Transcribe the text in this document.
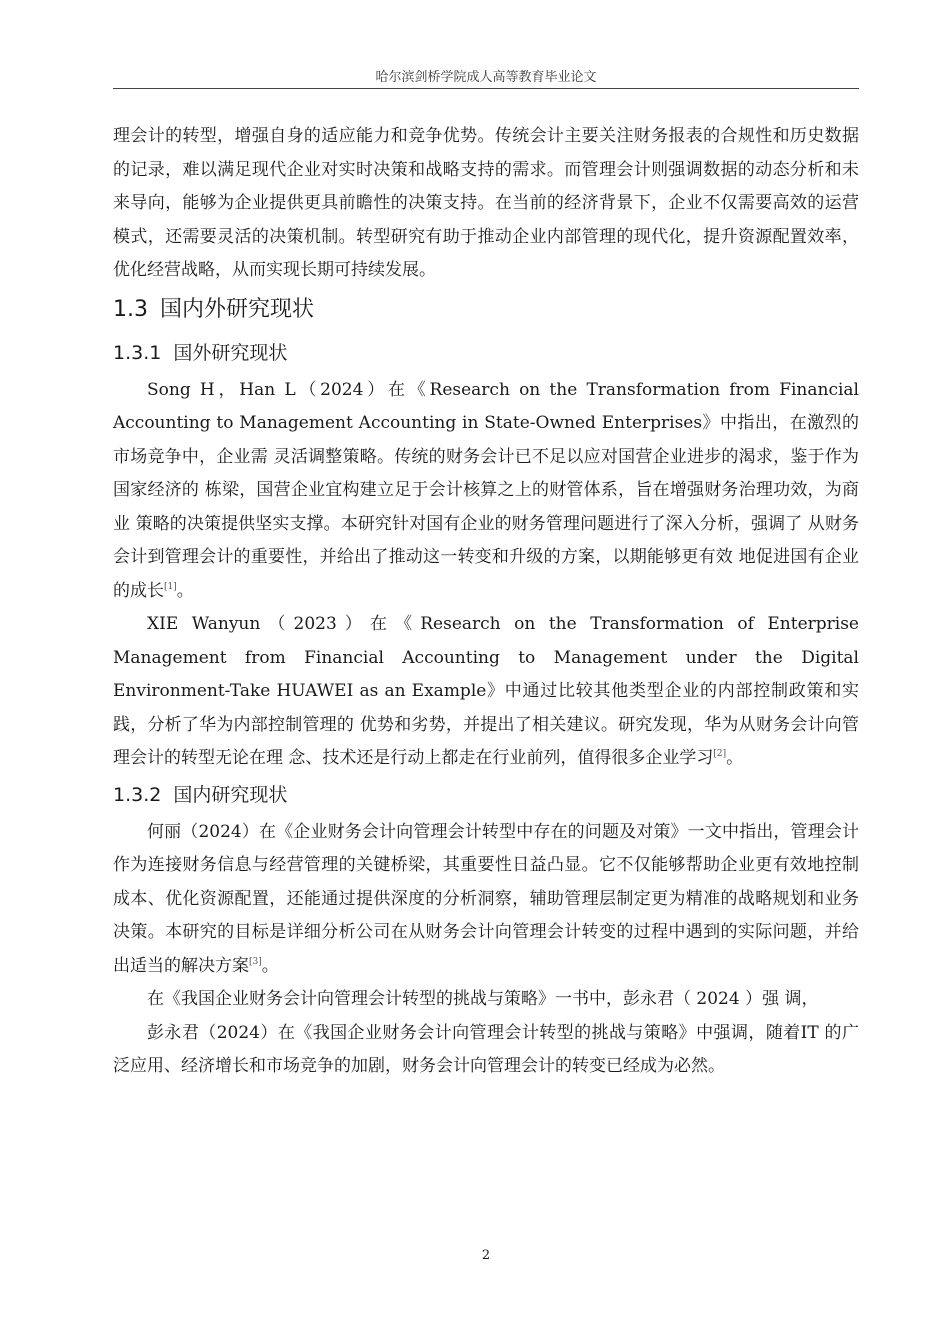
哈尔滨剑桥学院成人高等教育毕业论文

理会计的转型，增强自身的适应能力和竞争优势。传统会计主要关注财务报表的合规性和历史数据的记录，难以满足现代企业对实时决策和战略支持的需求。而管理会计则强调数据的动态分析和未来导向，能够为企业提供更具前瞻性的决策支持。在当前的经济背景下，企业不仅需要高效的运营模式，还需要灵活的决策机制。转型研究有助于推动企业内部管理的现代化，提升资源配置效率，优化经营战略，从而实现长期可持续发展。

1.3 国内外研究现状
1.3.1 国外研究现状

Song H，Han L（2024）在《Research on the Transformation from Financial Accounting to Management Accounting in State-Owned Enterprises》中指出，在激烈的市场竞争中，企业需 灵活调整策略。传统的财务会计已不足以应对国营企业进步的渴求，鉴于作为国家经济的 栋梁，国营企业宜构建立足于会计核算之上的财管体系，旨在增强财务治理功效，为商业 策略的决策提供坚实支撑。本研究针对国有企业的财务管理问题进行了深入分析，强调了 从财务会计到管理会计的重要性，并给出了推动这一转变和升级的方案，以期能够更有效 地促进国有企业的成长[1]。

XIE Wanyun（2023）在《Research on the Transformation of Enterprise Management from Financial Accounting to Management under the Digital Environment-Take HUAWEI as an Example》中通过比较其他类型企业的内部控制政策和实践，分析了华为内部控制管理的 优势和劣势，并提出了相关建议。研究发现，华为从财务会计向管理会计的转型无论在理 念、技术还是行动上都走在行业前列，值得很多企业学习[2]。

1.3.2 国内研究现状

何丽（2024）在《企业财务会计向管理会计转型中存在的问题及对策》一文中指出，管理会计作为连接财务信息与经营管理的关键桥梁，其重要性日益凸显。它不仅能够帮助企业更有效地控制成本、优化资源配置，还能通过提供深度的分析洞察，辅助管理层制定更为精准的战略规划和业务决策。本研究的目标是详细分析公司在从财务会计向管理会计转变的过程中遇到的实际问题，并给出适当的解决方案[3]。

在《我国企业财务会计向管理会计转型的挑战与策略》一书中，彭永君（ 2024 ）强 调，

彭永君（2024）在《我国企业财务会计向管理会计转型的挑战与策略》中强调，随着IT 的广泛应用、经济增长和市场竞争的加剧，财务会计向管理会计的转变已经成为必然。

2
